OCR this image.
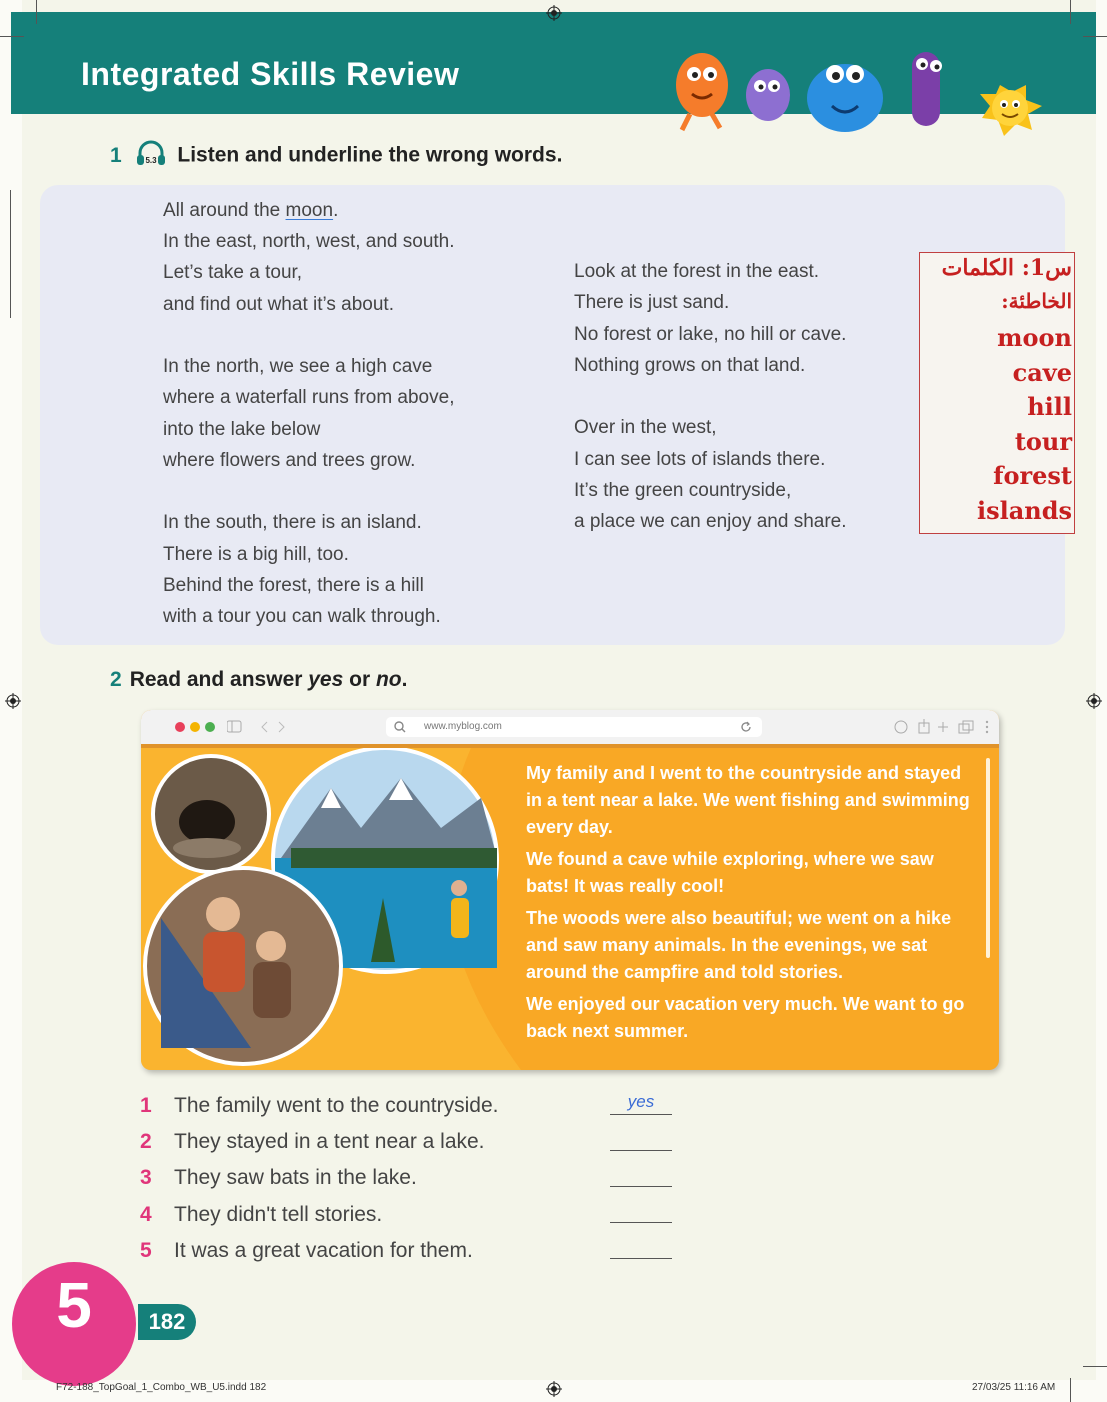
Integrated Skills Review
1	5.3 Listen and underline the wrong words.
All around the moon.
In the east, north, west, and south.
Let’s take a tour,
and find out what it’s about.
In the north, we see a high cave
where a waterfall runs from above,
into the lake below
where flowers and trees grow.
In the south, there is an island.
There is a big hill, too.
Behind the forest, there is a hill
with a tour you can walk through.
Look at the forest in the east.
There is just sand.
No forest or lake, no hill or cave.
Nothing grows on that land.
Over in the west,
I can see lots of islands there.
It’s the green countryside,
a place we can enjoy and share.
س1: الكلمات
الخاطئة:
moon
cave
hill
tour
forest
islands
2 Read and answer yes or no.
www.myblog.com
My family and I went to the countryside and stayed in a tent near a lake. We went fishing and swimming every day.
We found a cave while exploring, where we saw bats! It was really cool!
The woods were also beautiful; we went on a hike and saw many animals. In the evenings, we sat around the campfire and told stories.
We enjoyed our vacation very much. We want to go back next summer.
1 The family went to the countryside.	yes
2 They stayed in a tent near a lake.
3 They saw bats in the lake.
4 They didn't tell stories.
5 It was a great vacation for them.
182
5
F72-188_TopGoal_1_Combo_WB_U5.indd 182	27/03/25 11:16 AM
